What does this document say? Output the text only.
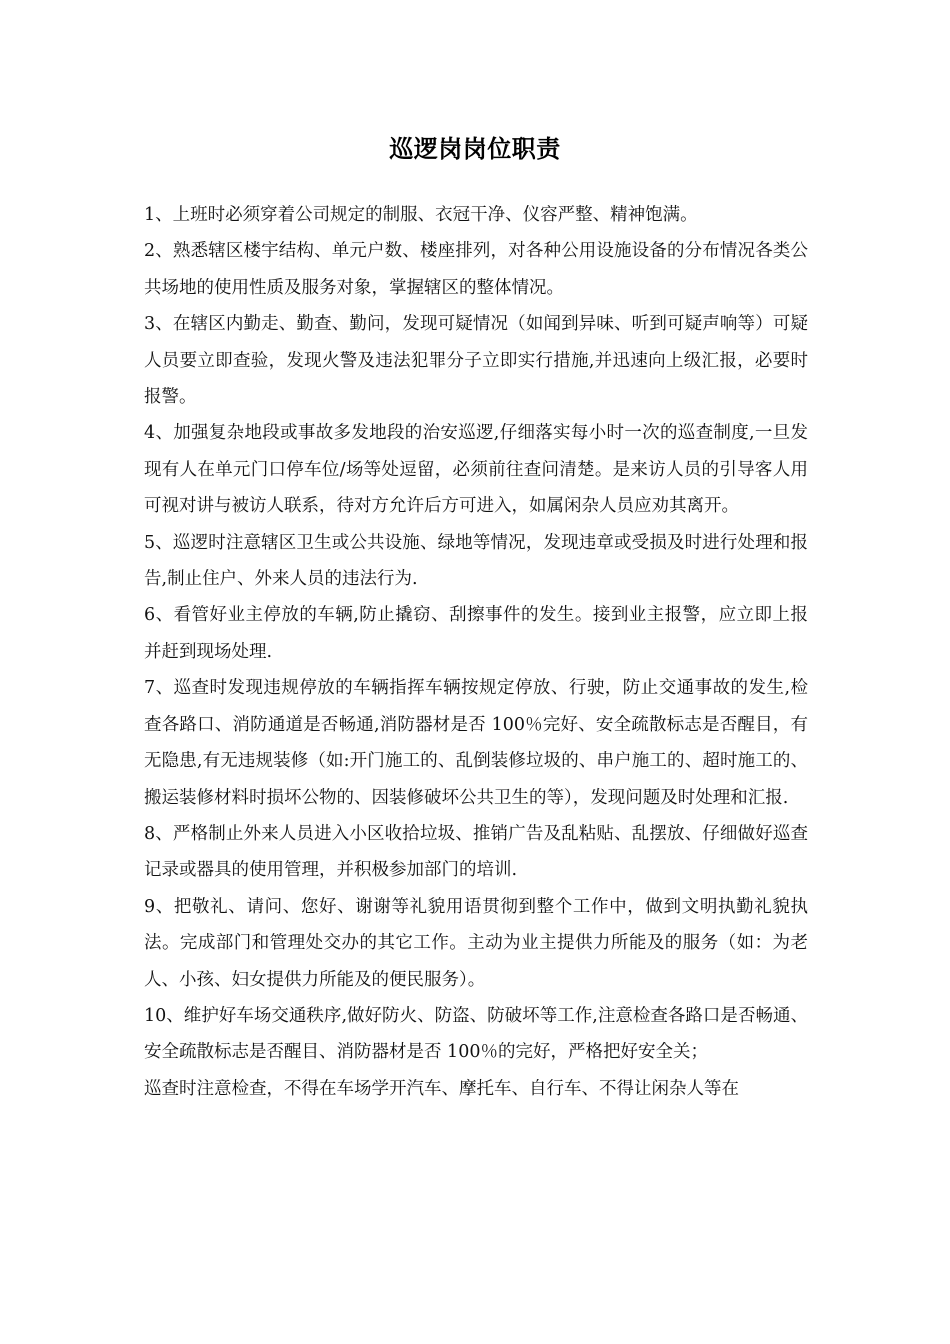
巡逻岗岗位职责

1、上班时必须穿着公司规定的制服、衣冠干净、仪容严整、精神饱满。

2、熟悉辖区楼宇结构、单元户数、楼座排列，对各种公用设施设备的分布情况各类公共场地的使用性质及服务对象，掌握辖区的整体情况。

3、在辖区内勤走、勤查、勤问，发现可疑情况（如闻到异味、听到可疑声响等）可疑人员要立即查验，发现火警及违法犯罪分子立即实行措施,并迅速向上级汇报，必要时报警。

4、加强复杂地段或事故多发地段的治安巡逻,仔细落实每小时一次的巡查制度,一旦发现有人在单元门口停车位/场等处逗留，必须前往查问清楚。是来访人员的引导客人用可视对讲与被访人联系，待对方允许后方可进入，如属闲杂人员应劝其离开。

5、巡逻时注意辖区卫生或公共设施、绿地等情况，发现违章或受损及时进行处理和报告,制止住户、外来人员的违法行为.

6、看管好业主停放的车辆,防止撬窃、刮擦事件的发生。接到业主报警，应立即上报并赶到现场处理.

7、巡查时发现违规停放的车辆指挥车辆按规定停放、行驶，防止交通事故的发生,检查各路口、消防通道是否畅通,消防器材是否 100％完好、安全疏散标志是否醒目，有无隐患,有无违规装修（如:开门施工的、乱倒装修垃圾的、串户施工的、超时施工的、搬运装修材料时损坏公物的、因装修破坏公共卫生的等），发现问题及时处理和汇报.

8、严格制止外来人员进入小区收拾垃圾、推销广告及乱粘贴、乱摆放、仔细做好巡查记录或器具的使用管理，并积极参加部门的培训.

9、把敬礼、请问、您好、谢谢等礼貌用语贯彻到整个工作中，做到文明执勤礼貌执法。完成部门和管理处交办的其它工作。主动为业主提供力所能及的服务（如：为老人、小孩、妇女提供力所能及的便民服务）。

10、维护好车场交通秩序,做好防火、防盗、防破坏等工作,注意检查各路口是否畅通、安全疏散标志是否醒目、消防器材是否 100％的完好，严格把好安全关；

巡查时注意检查，不得在车场学开汽车、摩托车、自行车、不得让闲杂人等在
